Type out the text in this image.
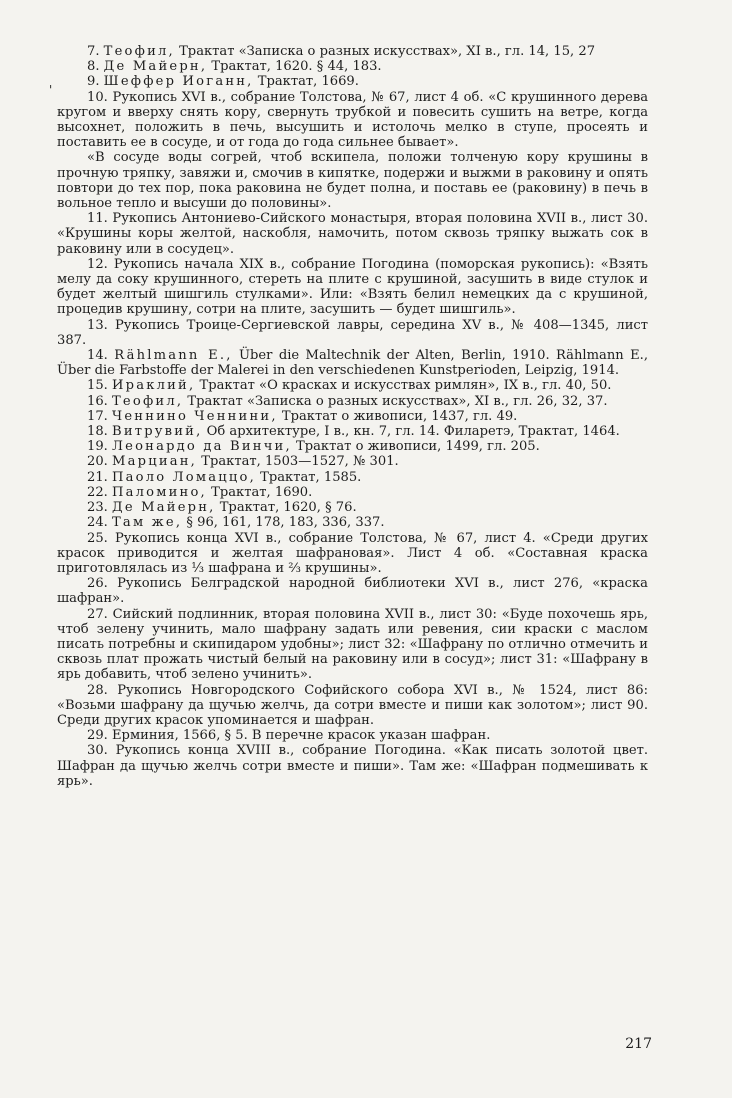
'

7. Теофил, Трактат «Записка о разных искусствах», XI в., гл. 14, 15, 27

8. Де Майерн, Трактат, 1620. § 44, 183.

9. Шеффер Иоганн, Трактат, 1669.

10. Рукопись XVI в., собрание Толстова, № 67, лист 4 об. «С крушинного дерева кругом и вверху снять кору, свернуть трубкой и повесить сушить на ветре, когда высохнет, положить в печь, высушить и истолочь мелко в ступе, просеять и поставить ее в сосуде, и от года до года сильнее бывает».

«В сосуде воды согрей, чтоб вскипела, положи толченую кору крушины в прочную тряпку, завяжи и, смочив в кипятке, подержи и выжми в раковину и опять повтори до тех пор, пока раковина не будет полна, и поставь ее (раковину) в печь в вольное тепло и высуши до половины».

11. Рукопись Антониево-Сийского монастыря, вторая половина XVII в., лист 30. «Крушины коры желтой, наскобля, намочить, потом сквозь тряпку выжать сок в раковину или в сосудец».

12. Рукопись начала XIX в., собрание Погодина (поморская рукопись): «Взять мелу да соку крушинного, стереть на плите с крушиной, засушить в виде стулок и будет желтый шишгиль стулками». Или: «Взять белил немецких да с крушиной, процедив крушину, сотри на плите, засушить — будет шишгиль».

13. Рукопись Троице-Сергиевской лавры, середина XV в., № 408—1345, лист 387.

14. Rählmann E., Über die Maltechnik der Alten, Berlin, 1910. Rählmann E., Über die Farbstoffe der Malerei in den verschiedenen Kunstperioden, Leipzig, 1914.

15. Ираклий, Трактат «О красках и искусствах римлян», IX в., гл. 40, 50.

16. Теофил, Трактат «Записка о разных искусствах», XI в., гл. 26, 32, 37.

17. Ченнино Ченнини, Трактат о живописи, 1437, гл. 49.

18. Витрувий, Об архитектуре, I в., кн. 7, гл. 14. Филаретэ, Трактат, 1464.

19. Леонардо да Винчи, Трактат о живописи, 1499, гл. 205.

20. Марциан, Трактат, 1503—1527, № 301.

21. Паоло Ломаццо, Трактат, 1585.

22. Паломино, Трактат, 1690.

23. Де Майерн, Трактат, 1620, § 76.

24. Там же, § 96, 161, 178, 183, 336, 337.

25. Рукопись конца XVI в., собрание Толстова, № 67, лист 4. «Среди других красок приводится и желтая шафрановая». Лист 4 об. «Составная краска приготовлялась из ⅓ шафрана и ⅔ крушины».

26. Рукопись Белградской народной библиотеки XVI в., лист 276, «краска шафран».

27. Сийский подлинник, вторая половина XVII в., лист 30: «Буде похочешь ярь, чтоб зелену учинить, мало шафрану задать или ревения, сии краски с маслом писать потребны и скипидаром удобны»; лист 32: «Шафрану по отлично отмечить и сквозь плат прожать чистый белый на раковину или в сосуд»; лист 31: «Шафрану в ярь добавить, чтоб зелено учинить».

28. Рукопись Новгородского Софийского собора XVI в., № 1524, лист 86: «Возьми шафрану да щучью желчь, да сотри вместе и пиши как золотом»; лист 90. Среди других красок упоминается и шафран.

29. Ерминия, 1566, § 5. В перечне красок указан шафран.

30. Рукопись конца XVIII в., собрание Погодина. «Как писать золотой цвет. Шафран да щучью желчь сотри вместе и пиши». Там же: «Шафран подмешивать к ярь».

217
